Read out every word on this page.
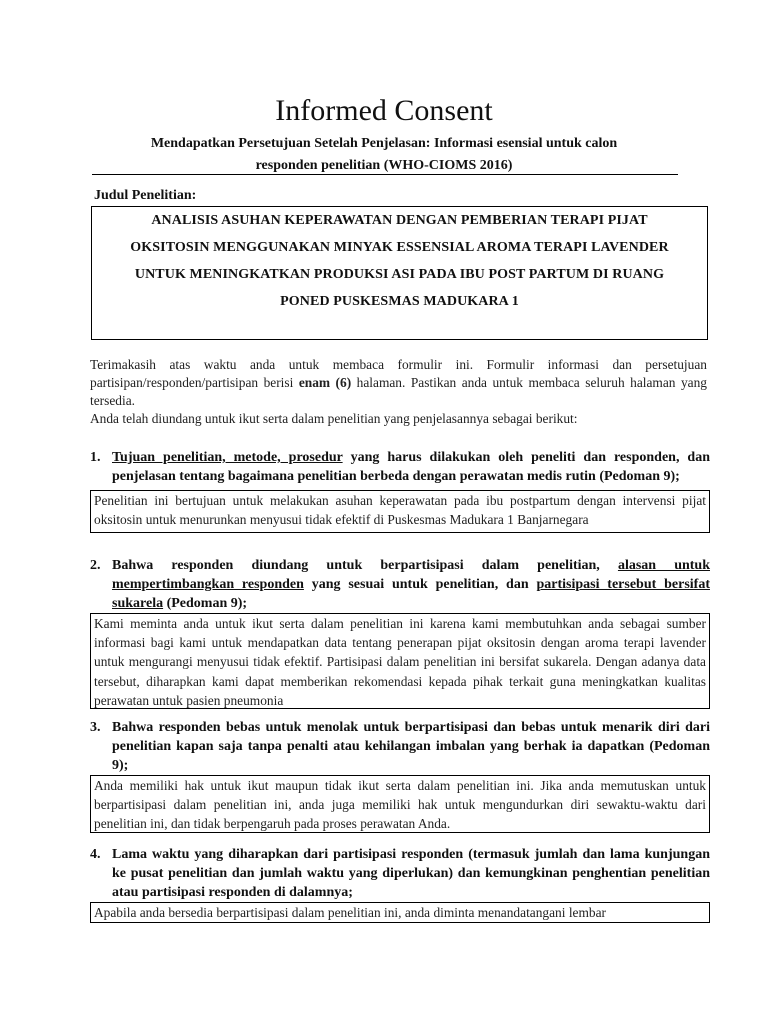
Informed Consent
Mendapatkan Persetujuan Setelah Penjelasan: Informasi esensial untuk calon
responden penelitian (WHO-CIOMS 2016)
Judul Penelitian:
ANALISIS ASUHAN KEPERAWATAN DENGAN PEMBERIAN TERAPI PIJAT
OKSITOSIN MENGGUNAKAN MINYAK ESSENSIAL AROMA TERAPI LAVENDER
UNTUK MENINGKATKAN PRODUKSI ASI PADA IBU POST PARTUM DI RUANG
PONED PUSKESMAS MADUKARA 1

Terimakasih atas waktu anda untuk membaca formulir ini. Formulir informasi dan persetujuan partisipan/responden/partisipan berisi enam (6) halaman. Pastikan anda untuk membaca seluruh halaman yang tersedia.

Anda telah diundang untuk ikut serta dalam penelitian yang penjelasannya sebagai berikut:

1. Tujuan penelitian, metode, prosedur yang harus dilakukan oleh peneliti dan responden, dan penjelasan tentang bagaimana penelitian berbeda dengan perawatan medis rutin (Pedoman 9);
Penelitian ini bertujuan untuk melakukan asuhan keperawatan pada ibu postpartum dengan intervensi pijat oksitosin untuk menurunkan menyusui tidak efektif di Puskesmas Madukara 1 Banjarnegara
2. Bahwa responden diundang untuk berpartisipasi dalam penelitian, alasan untuk mempertimbangkan responden yang sesuai untuk penelitian, dan partisipasi tersebut bersifat sukarela (Pedoman 9);
Kami meminta anda untuk ikut serta dalam penelitian ini karena kami membutuhkan anda sebagai sumber informasi bagi kami untuk mendapatkan data tentang penerapan pijat oksitosin dengan aroma terapi lavender untuk mengurangi menyusui tidak efektif. Partisipasi dalam penelitian ini bersifat sukarela. Dengan adanya data tersebut, diharapkan kami dapat memberikan rekomendasi kepada pihak terkait guna meningkatkan kualitas perawatan untuk pasien pneumonia
3. Bahwa responden bebas untuk menolak untuk berpartisipasi dan bebas untuk menarik diri dari penelitian kapan saja tanpa penalti atau kehilangan imbalan yang berhak ia dapatkan (Pedoman 9);
Anda memiliki hak untuk ikut maupun tidak ikut serta dalam penelitian ini. Jika anda memutuskan untuk berpartisipasi dalam penelitian ini, anda juga memiliki hak untuk mengundurkan diri sewaktu-waktu dari penelitian ini, dan tidak berpengaruh pada proses perawatan Anda.
4. Lama waktu yang diharapkan dari partisipasi responden (termasuk jumlah dan lama kunjungan ke pusat penelitian dan jumlah waktu yang diperlukan) dan kemungkinan penghentian penelitian atau partisipasi responden di dalamnya;
Apabila anda bersedia berpartisipasi dalam penelitian ini, anda diminta menandatangani lembar
